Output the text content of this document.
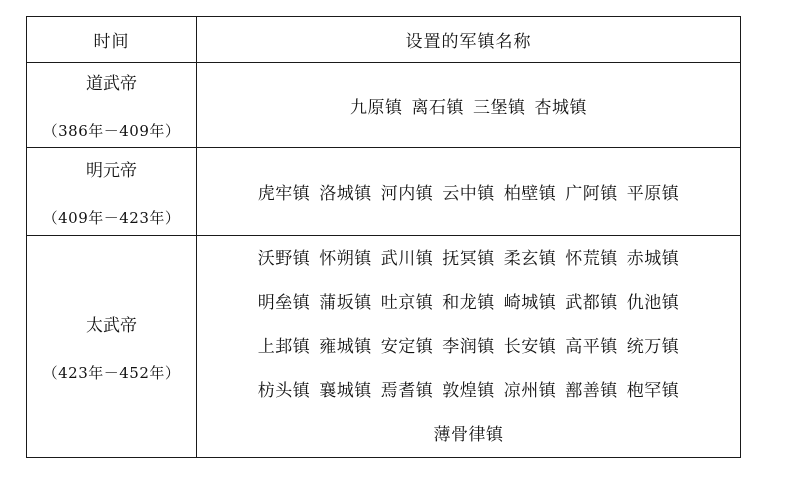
时间	设置的军镇名称
道武帝
（386年－409年）
九原镇 离石镇 三堡镇 杏城镇
明元帝
（409年－423年）
虎牢镇 洛城镇 河内镇 云中镇 柏壁镇 广阿镇 平原镇
太武帝
（423年－452年）
沃野镇 怀朔镇 武川镇 抚冥镇 柔玄镇 怀荒镇 赤城镇
明垒镇 蒲坂镇 吐京镇 和龙镇 崎城镇 武都镇 仇池镇
上邽镇 雍城镇 安定镇 李润镇 长安镇 高平镇 统万镇
枋头镇 襄城镇 焉耆镇 敦煌镇 凉州镇 鄯善镇 枹罕镇
薄骨律镇
